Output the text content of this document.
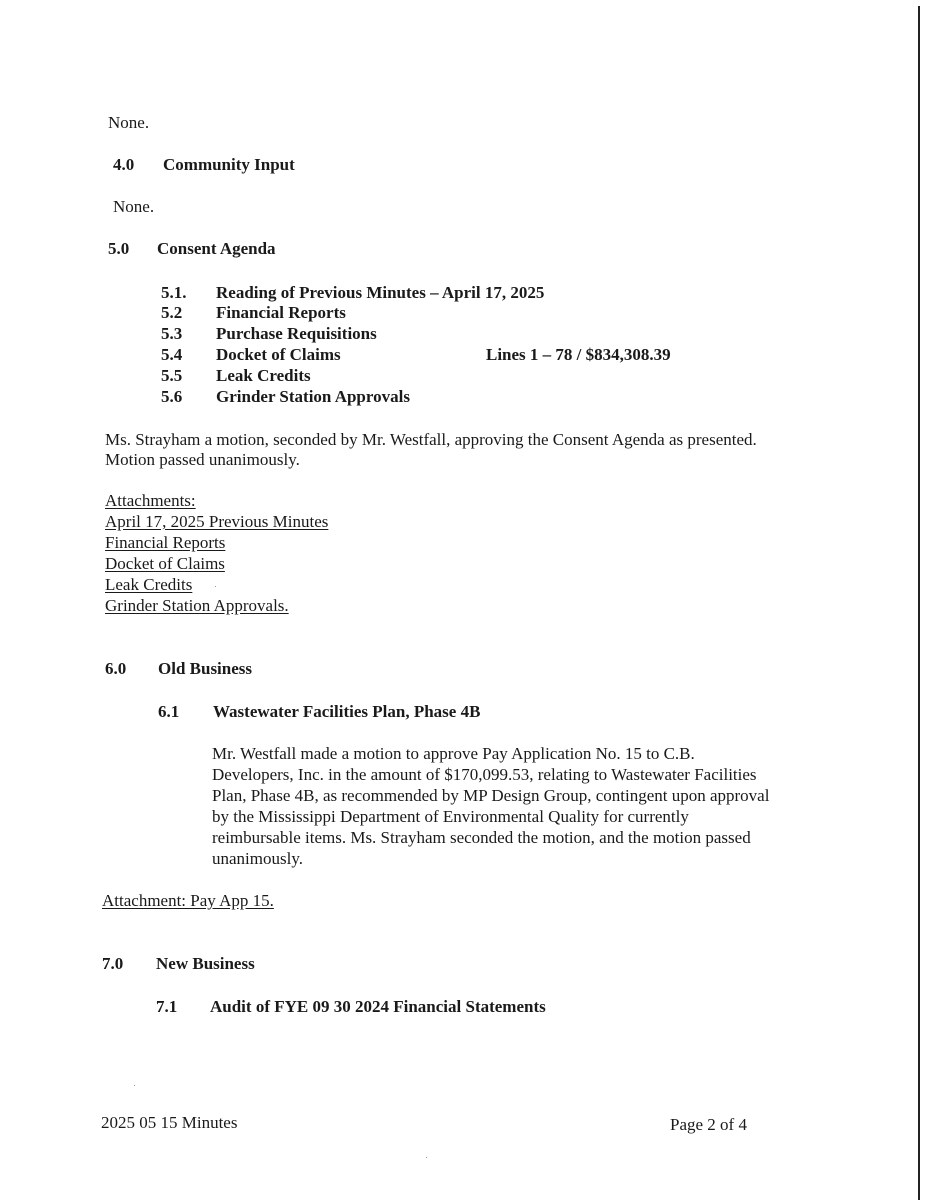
None.
4.0 Community Input
None.
5.0 Consent Agenda
5.1. Reading of Previous Minutes – April 17, 2025
5.2 Financial Reports
5.3 Purchase Requisitions
5.4 Docket of Claims	Lines 1 – 78 / $834,308.39
5.5 Leak Credits
5.6 Grinder Station Approvals
Ms. Strayham a motion, seconded by Mr. Westfall, approving the Consent Agenda as presented.
Motion passed unanimously.
Attachments:
April 17, 2025 Previous Minutes
Financial Reports
Docket of Claims
Leak Credits
Grinder Station Approvals.
6.0 Old Business
6.1 Wastewater Facilities Plan, Phase 4B
Mr. Westfall made a motion to approve Pay Application No. 15 to C.B.
Developers, Inc. in the amount of $170,099.53, relating to Wastewater Facilities
Plan, Phase 4B, as recommended by MP Design Group, contingent upon approval
by the Mississippi Department of Environmental Quality for currently
reimbursable items. Ms. Strayham seconded the motion, and the motion passed
unanimously.
Attachment: Pay App 15.
7.0 New Business
7.1 Audit of FYE 09 30 2024 Financial Statements
2025 05 15 Minutes	Page 2 of 4
